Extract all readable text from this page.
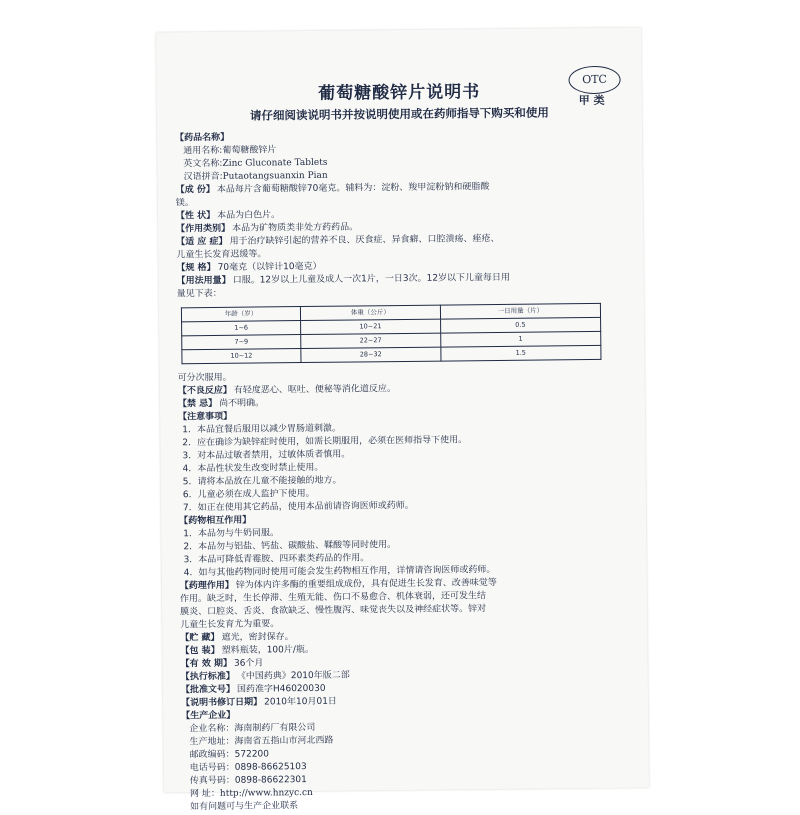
OTC
甲 类
葡萄糖酸锌片说明书
请仔细阅读说明书并按说明使用或在药师指导下购买和使用
【 药品名称 】
通用名称: 葡萄糖酸锌片
英文名称: Zinc Gluconate Tablets
汉语拼音: Putaotangsuanxin Pian
【 成 份 】	本品每片含葡萄糖酸锌70毫克。辅料为：淀粉、羧甲淀粉钠和硬脂酸
镁。
【 性 状 】	本品为白色片。
【 作用类别 】	本品为矿物质类非处方药药品。
【 适 应 症 】	用于治疗缺锌引起的营养不良、厌食症、异食癖、口腔溃疡、痤疮、
儿童生长发育迟缓等。
【 规 格 】	70毫克（以锌计10毫克）
【 用法用量 】	口服。12岁以上儿童及成人一次1片，一日3次。12岁以下儿童每日用
量见下表：
年龄（岁）	体重（公斤）	一日用量（片）
1~6	10~21	0.5
7~9	22~27	1
10~12	28~32	1.5
可分次服用。
【 不良反应 】	有轻度恶心、呕吐、便秘等消化道反应。
【 禁 忌 】	尚不明确。
【 注意事项 】
1．本品宜餐后服用以减少胃肠道刺激。
2．应在确诊为缺锌症时使用，如需长期服用，必须在医师指导下使用。
3．对本品过敏者禁用，过敏体质者慎用。
4．本品性状发生改变时禁止使用。
5．请将本品放在儿童不能接触的地方。
6．儿童必须在成人监护下使用。
7．如正在使用其它药品，使用本品前请咨询医师或药师。
【 药物相互作用 】
1．本品勿与牛奶同服。
2．本品勿与铝盐、钙盐、碳酸盐、鞣酸等同时使用。
3．本品可降低青霉胺、四环素类药品的作用。
4．如与其他药物同时使用可能会发生药物相互作用，详情请咨询医师或药师。
【 药理作用 】	锌为体内许多酶的重要组成成份，具有促进生长发育、改善味觉等
作用。缺乏时，生长停滞、生殖无能、伤口不易愈合、机体衰弱，还可发生结
膜炎、口腔炎、舌炎、食欲缺乏、慢性腹泻、味觉丧失以及神经症状等。锌对
儿童生长发育尤为重要。
【 贮 藏 】	遮光，密封保存。
【 包 装 】	塑料瓶装，100片/瓶。
【 有 效 期 】	36个月
【 执行标准 】	《中国药典》2010年版二部
【 批准文号 】	国药准字H46020030
【 说明书修订日期 】	2010年10月01日
【 生产企业 】
企业名称： 海南制药厂有限公司
生产地址： 海南省五指山市河北西路
邮政编码： 572200
电话号码： 0898-86625103
传真号码： 0898-86622301
网 址： http://www.hnzyc.cn
如有问题可与生产企业联系
